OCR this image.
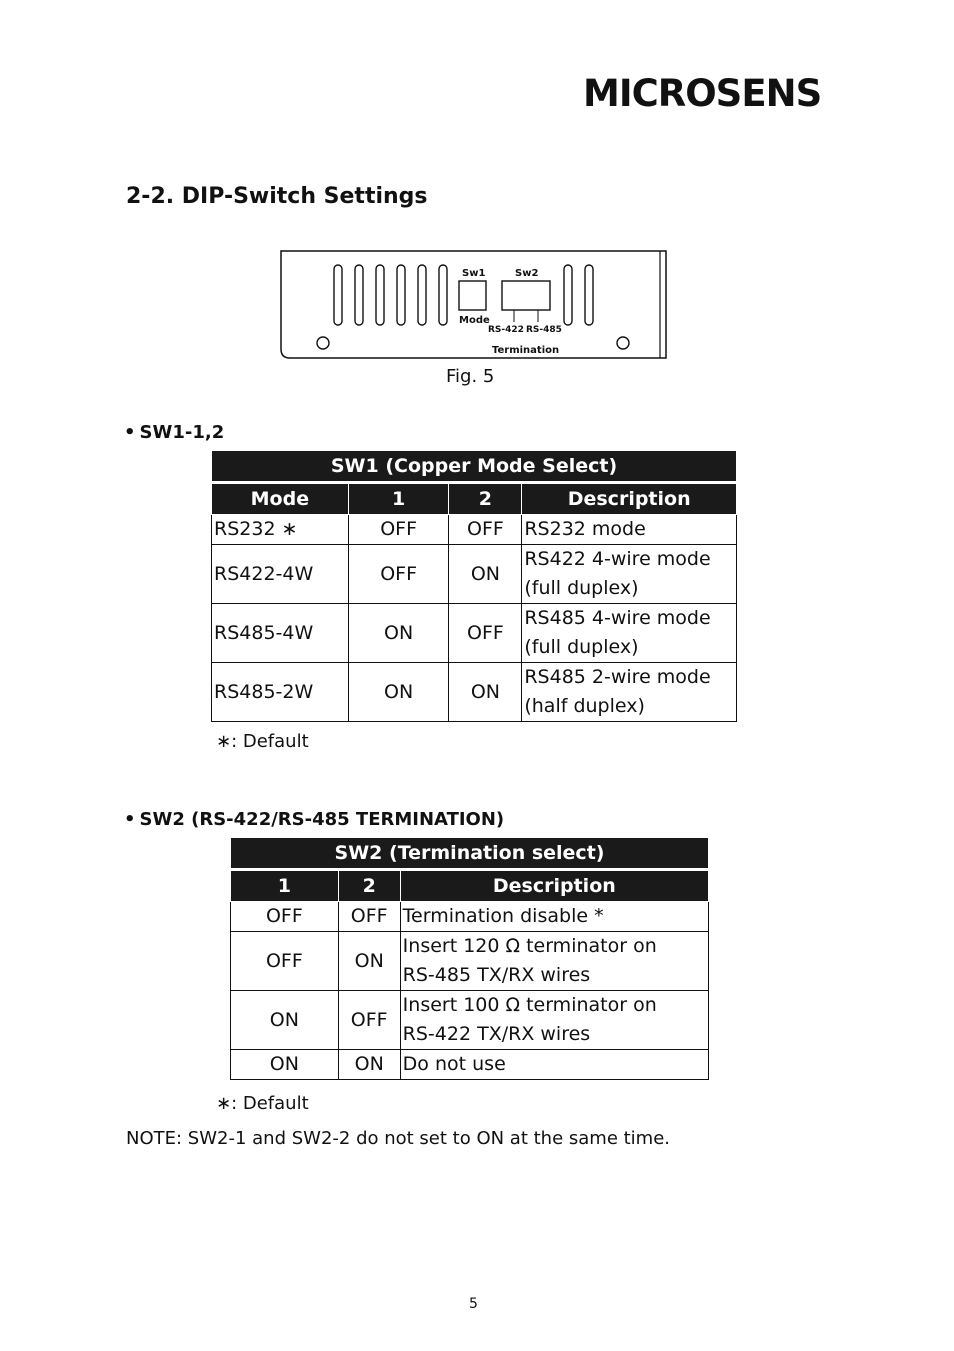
MICROSENS
2-2. DIP-Switch Settings
Sw1	Sw2
Mode
RS-422 RS-485
Termination
Fig. 5
• SW1-1,2
SW1 (Copper Mode Select)			
Mode	1	2	Description
RS232 ∗	OFF	OFF	RS232 mode

RS422-4W	OFF	ON	RS422 4-wire mode
(full duplex)

RS485-4W	ON	OFF	RS485 4-wire mode
(full duplex)

RS485-2W	ON	ON	RS485 2-wire mode
(half duplex)
∗: Default
• SW2 (RS-422/RS-485 TERMINATION)
SW2 (Termination select)		
1	2	Description
OFF	OFF	Termination disable *

OFF	ON	Insert 120 Ω terminator on
RS-485 TX/RX wires

ON	OFF	Insert 100 Ω terminator on
RS-422 TX/RX wires

ON	ON	Do not use
∗: Default
NOTE: SW2-1 and SW2-2 do not set to ON at the same time.
5
